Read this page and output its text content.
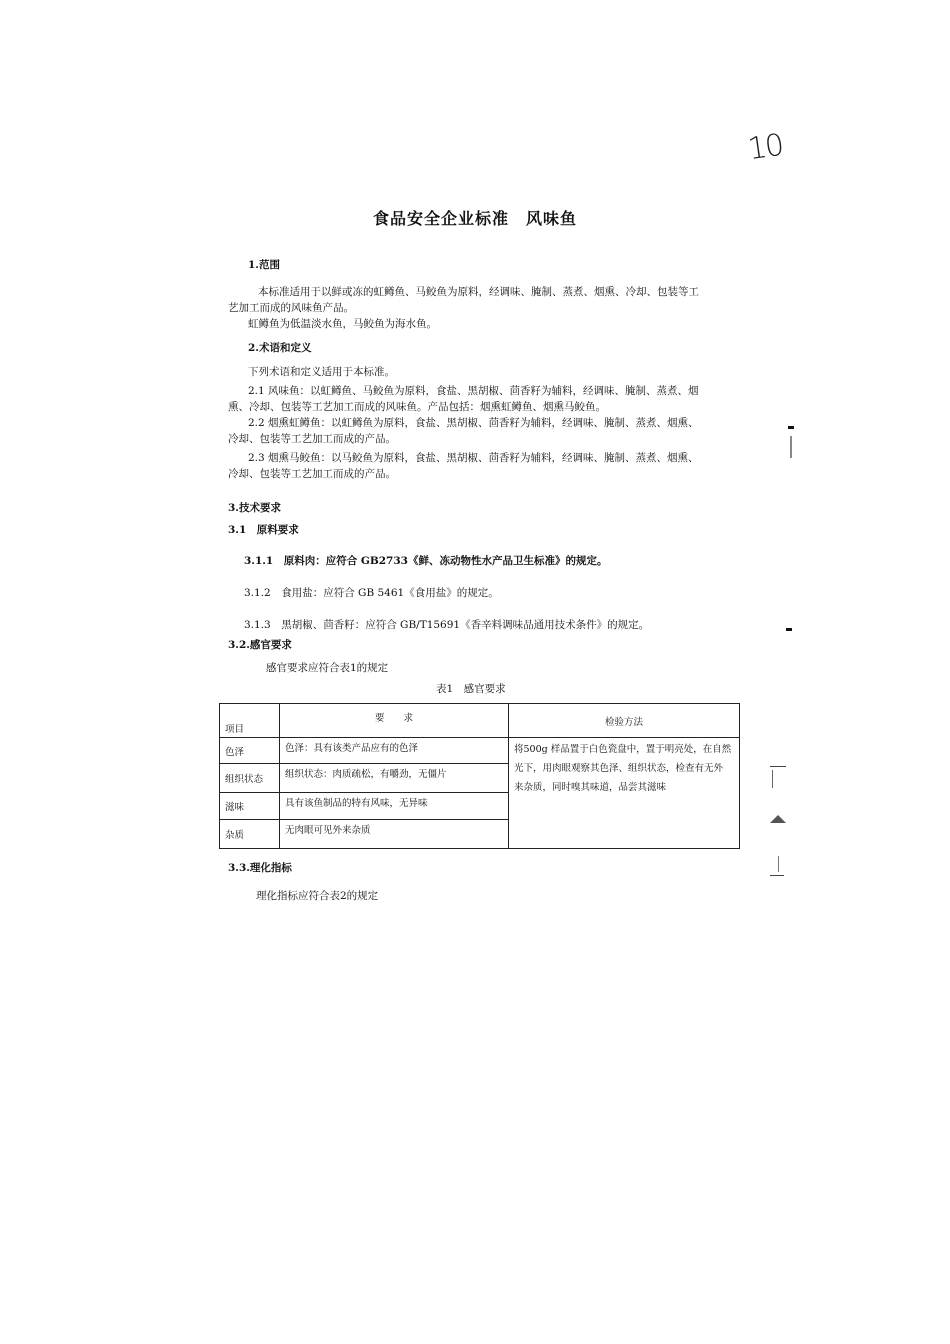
10
食品安全企业标准　风味鱼
1.范围
本标准适用于以鲜或冻的虹鳟鱼、马鲛鱼为原料，经调味、腌制、蒸煮、烟熏、冷却、包装等工
艺加工而成的风味鱼产品。
虹鳟鱼为低温淡水鱼，马鲛鱼为海水鱼。
2.术语和定义
下列术语和定义适用于本标准。
2.1 风味鱼：以虹鳟鱼、马鲛鱼为原料，食盐、黑胡椒、茴香籽为辅料，经调味、腌制、蒸煮、烟
熏、冷却、包装等工艺加工而成的风味鱼。产品包括：烟熏虹鳟鱼、烟熏马鲛鱼。
2.2 烟熏虹鳟鱼：以虹鳟鱼为原料，食盐、黑胡椒、茴香籽为辅料，经调味、腌制、蒸煮、烟熏、
冷却、包装等工艺加工而成的产品。
2.3 烟熏马鲛鱼：以马鲛鱼为原料，食盐、黑胡椒、茴香籽为辅料，经调味、腌制、蒸煮、烟熏、
冷却、包装等工艺加工而成的产品。
3.技术要求
3.1　原料要求
3.1.1　原料肉：应符合 GB2733《鲜、冻动物性水产品卫生标准》的规定。
3.1.2　食用盐：应符合 GB 5461《食用盐》的规定。
3.1.3　黑胡椒、茴香籽：应符合 GB/T15691《香辛料调味品通用技术条件》的规定。
3.2.感官要求
感官要求应符合表1的规定
表1　感官要求
项目	要　　求	检验方法
色泽	色泽：具有该类产品应有的色泽	将500g 样品置于白色瓷盘中，置于明亮处，在自然
光下，用肉眼观察其色泽、组织状态，检查有无外
来杂质，同时嗅其味道，品尝其滋味

组织状态	组织状态：肉质疏松，有嚼劲，无僵片	
滋味	具有该鱼制品的特有风味，无异味	
杂质	无肉眼可见外来杂质	
3.3.理化指标
理化指标应符合表2的规定
